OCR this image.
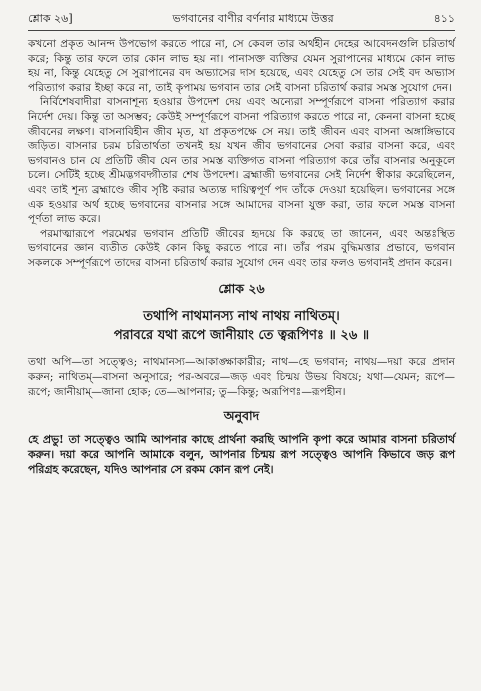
শ্লোক ২৬]	ভগবানের বাণীর বর্ণনার মাধ্যমে উত্তর	৪১১

কখনো প্রকৃত আনন্দ উপভোগ করতে পারে না, সে কেবল তার অর্থহীন দেহের আবেদনগুলি চরিতার্থ করে; কিন্তু তার ফলে তার কোন লাভ হয় না। পানাসক্ত ব্যক্তির যেমন সুরাপানের মাধ্যমে কোন লাভ হয় না, কিন্তু যেহেতু সে সুরাপানের বদ অভ্যাসের দাস হয়েছে, এবং যেহেতু সে তার সেই বদ অভ্যাস পরিত্যাগ করার ইচ্ছা করে না, তাই কৃপাময় ভগবান তার সেই বাসনা চরিতার্থ করার সমস্ত সুযোগ দেন।

নির্বিশেষবাদীরা বাসনাশূন্য হওয়ার উপদেশ দেয় এবং অন্যেরা সম্পূর্ণরূপে বাসনা পরিত্যাগ করার নির্দেশ দেয়। কিন্তু তা অসম্ভব; কেউই সম্পূর্ণরূপে বাসনা পরিত্যাগ করতে পারে না, কেননা বাসনা হচ্ছে জীবনের লক্ষণ। বাসনাবিহীন জীব মৃত, যা প্রকৃতপক্ষে সে নয়। তাই জীবন এবং বাসনা অঙ্গাঙ্গিভাবে জড়িত। বাসনার চরম চরিতার্থতা তখনই হয় যখন জীব ভগবানের সেবা করার বাসনা করে, এবং ভগবানও চান যে প্রতিটি জীব যেন তার সমস্ত ব্যক্তিগত বাসনা পরিত্যাগ করে তাঁর বাসনার অনুকূলে চলে। সেটিই হচ্ছে শ্রীমদ্ভগবদ্গীতার শেষ উপদেশ। ব্রহ্মাজী ভগবানের সেই নির্দেশ স্বীকার করেছিলেন, এবং তাই শূন্য ব্রহ্মাণ্ডে জীব সৃষ্টি করার অত্যন্ত দায়িত্বপূর্ণ পদ তাঁকে দেওয়া হয়েছিল। ভগবানের সঙ্গে এক হওয়ার অর্থ হচ্ছে ভগবানের বাসনার সঙ্গে আমাদের বাসনা যুক্ত করা, তার ফলে সমস্ত বাসনা পূর্ণতা লাভ করে।

পরমাত্মারূপে পরমেশ্বর ভগবান প্রতিটি জীবের হৃদয়ে কি করছে তা জানেন, এবং অন্তঃস্থিত ভগবানের জ্ঞান ব্যতীত কেউই কোন কিছু করতে পারে না। তাঁর পরম বুদ্ধিমত্তার প্রভাবে, ভগবান সকলকে সম্পূর্ণরূপে তাদের বাসনা চরিতার্থ করার সুযোগ দেন এবং তার ফলও ভগবানই প্রদান করেন।

শ্লোক ২৬
তথাপি নাথমানস্য নাথ নাথয় নাথিতম্‌।
পরাবরে যথা রূপে জানীয়াং তে ত্বরূপিণঃ ॥ ২৬ ॥

তথা অপি—তা সত্ত্বেও; নাথমানস্য—আকাঙ্ক্ষাকারীর; নাথ—হে ভগবান; নাথয়—দয়া করে প্রদান করুন; নাথিতম্‌—বাসনা অনুসারে; পর-অবরে—জড় এবং চিন্ময় উভয় বিষয়ে; যথা—যেমন; রূপে—রূপে; জানীয়াম্‌—জানা হোক; তে—আপনার; তু—কিন্তু; অরূপিণঃ—রূপহীন।

অনুবাদ

হে প্রভু! তা সত্ত্বেও আমি আপনার কাছে প্রার্থনা করছি আপনি কৃপা করে আমার বাসনা চরিতার্থ করুন। দয়া করে আপনি আমাকে বলুন, আপনার চিন্ময় রূপ সত্ত্বেও আপনি কিভাবে জড় রূপ পরিগ্রহ করেছেন, যদিও আপনার সে রকম কোন রূপ নেই।
